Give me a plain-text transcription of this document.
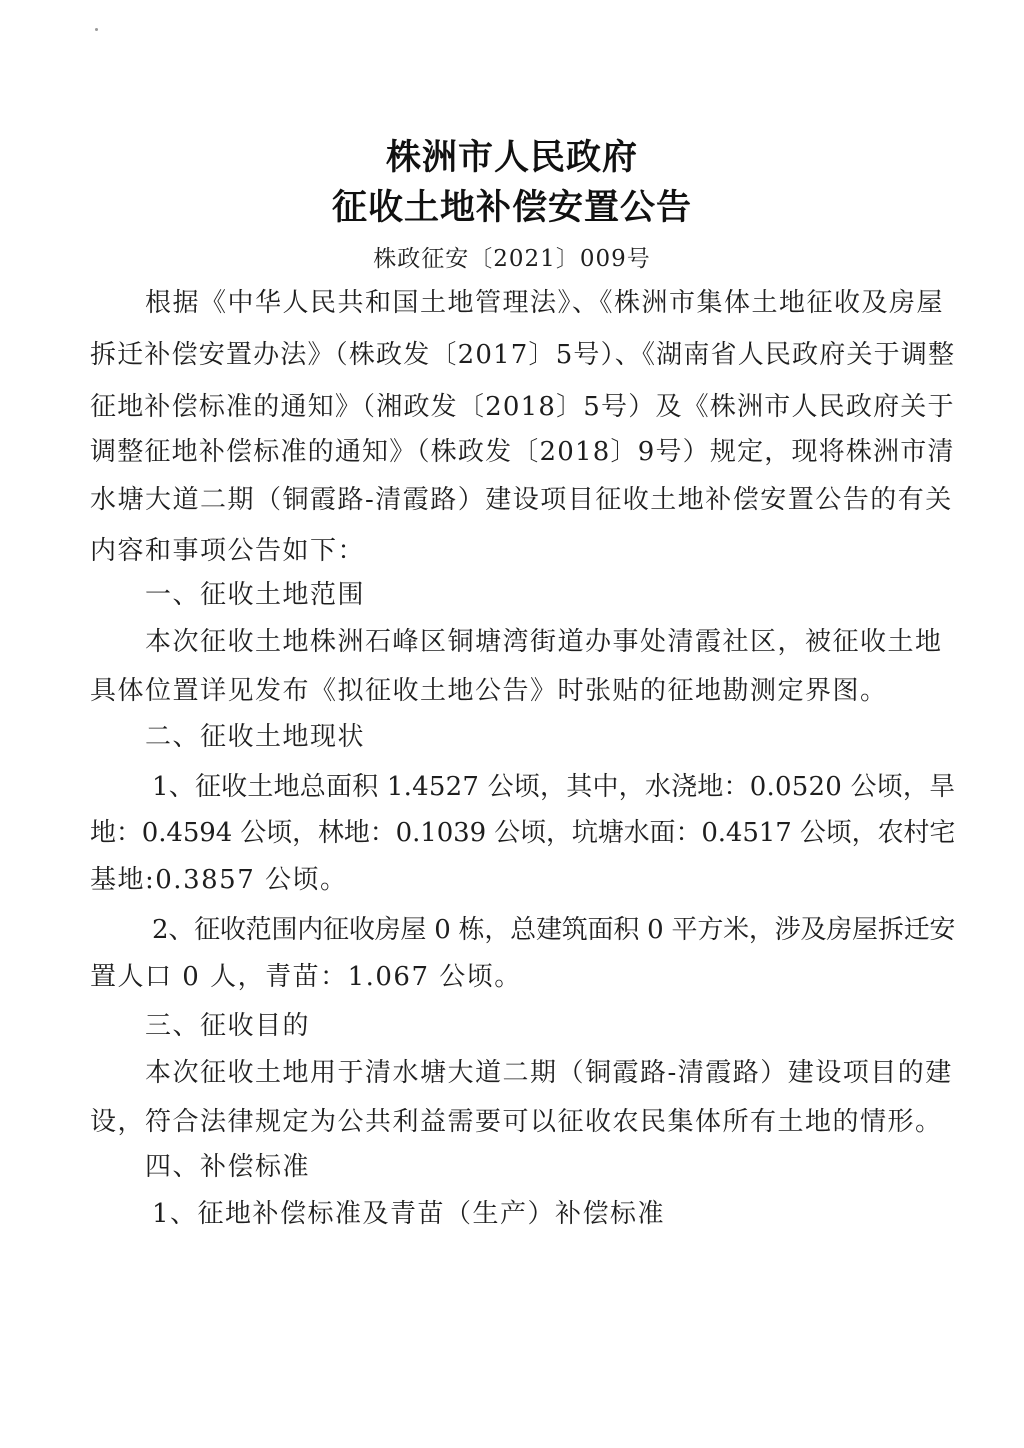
株洲市人民政府
征收土地补偿安置公告
株政征安〔2021〕009号
根据《中华人民共和国土地管理法》、《株洲市集体土地征收及房屋
拆迁补偿安置办法》（株政发〔2017〕5号）、《湖南省人民政府关于调整
征地补偿标准的通知》（湘政发〔2018〕5号）及《株洲市人民政府关于
调整征地补偿标准的通知》（株政发〔2018〕9号）规定，现将株洲市清
水塘大道二期（铜霞路-清霞路）建设项目征收土地补偿安置公告的有关
内容和事项公告如下：
一、征收土地范围
本次征收土地株洲石峰区铜塘湾街道办事处清霞社区，被征收土地
具体位置详见发布《拟征收土地公告》时张贴的征地勘测定界图。
二、征收土地现状
1、征收土地总面积 1.4527 公顷，其中，水浇地：0.0520 公顷，旱
地：0.4594 公顷，林地：0.1039 公顷，坑塘水面：0.4517 公顷，农村宅
基地:0.3857 公顷。
2、征收范围内征收房屋 0 栋，总建筑面积 0 平方米，涉及房屋拆迁安
置人口 0 人，青苗：1.067 公顷。
三、征收目的
本次征收土地用于清水塘大道二期（铜霞路-清霞路）建设项目的建
设，符合法律规定为公共利益需要可以征收农民集体所有土地的情形。
四、补偿标准
1、征地补偿标准及青苗（生产）补偿标准
